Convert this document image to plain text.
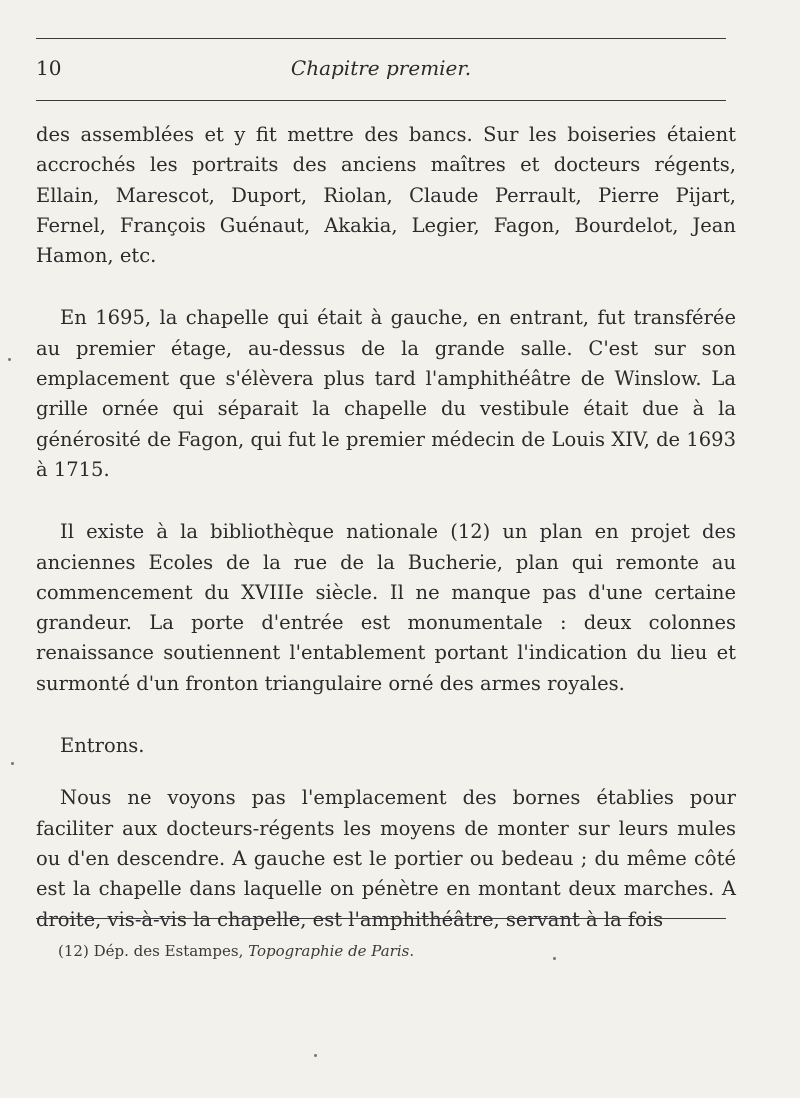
10	Chapitre premier.

des assemblées et y fit mettre des bancs. Sur les boiseries étaient accrochés les portraits des anciens maîtres et docteurs régents, Ellain, Marescot, Duport, Riolan, Claude Perrault, Pierre Pijart, Fernel, François Guénaut, Akakia, Legier, Fagon, Bourdelot, Jean Hamon, etc.

En 1695, la chapelle qui était à gauche, en entrant, fut transférée au premier étage, au-dessus de la grande salle. C'est sur son emplacement que s'élèvera plus tard l'amphithéâtre de Winslow. La grille ornée qui séparait la chapelle du vestibule était due à la générosité de Fagon, qui fut le premier médecin de Louis XIV, de 1693 à 1715.

Il existe à la bibliothèque nationale (12) un plan en projet des anciennes Ecoles de la rue de la Bucherie, plan qui remonte au commencement du XVIIIe siècle. Il ne manque pas d'une certaine grandeur. La porte d'entrée est monumentale : deux colonnes renaissance soutiennent l'entablement portant l'indication du lieu et surmonté d'un fronton triangulaire orné des armes royales.

Entrons.

Nous ne voyons pas l'emplacement des bornes établies pour faciliter aux docteurs-régents les moyens de monter sur leurs mules ou d'en descendre. A gauche est le portier ou bedeau ; du même côté est la chapelle dans laquelle on pénètre en montant deux marches. A droite, vis-à-vis la chapelle, est l'amphithéâtre, servant à la fois

(12) Dép. des Estampes, Topographie de Paris.
